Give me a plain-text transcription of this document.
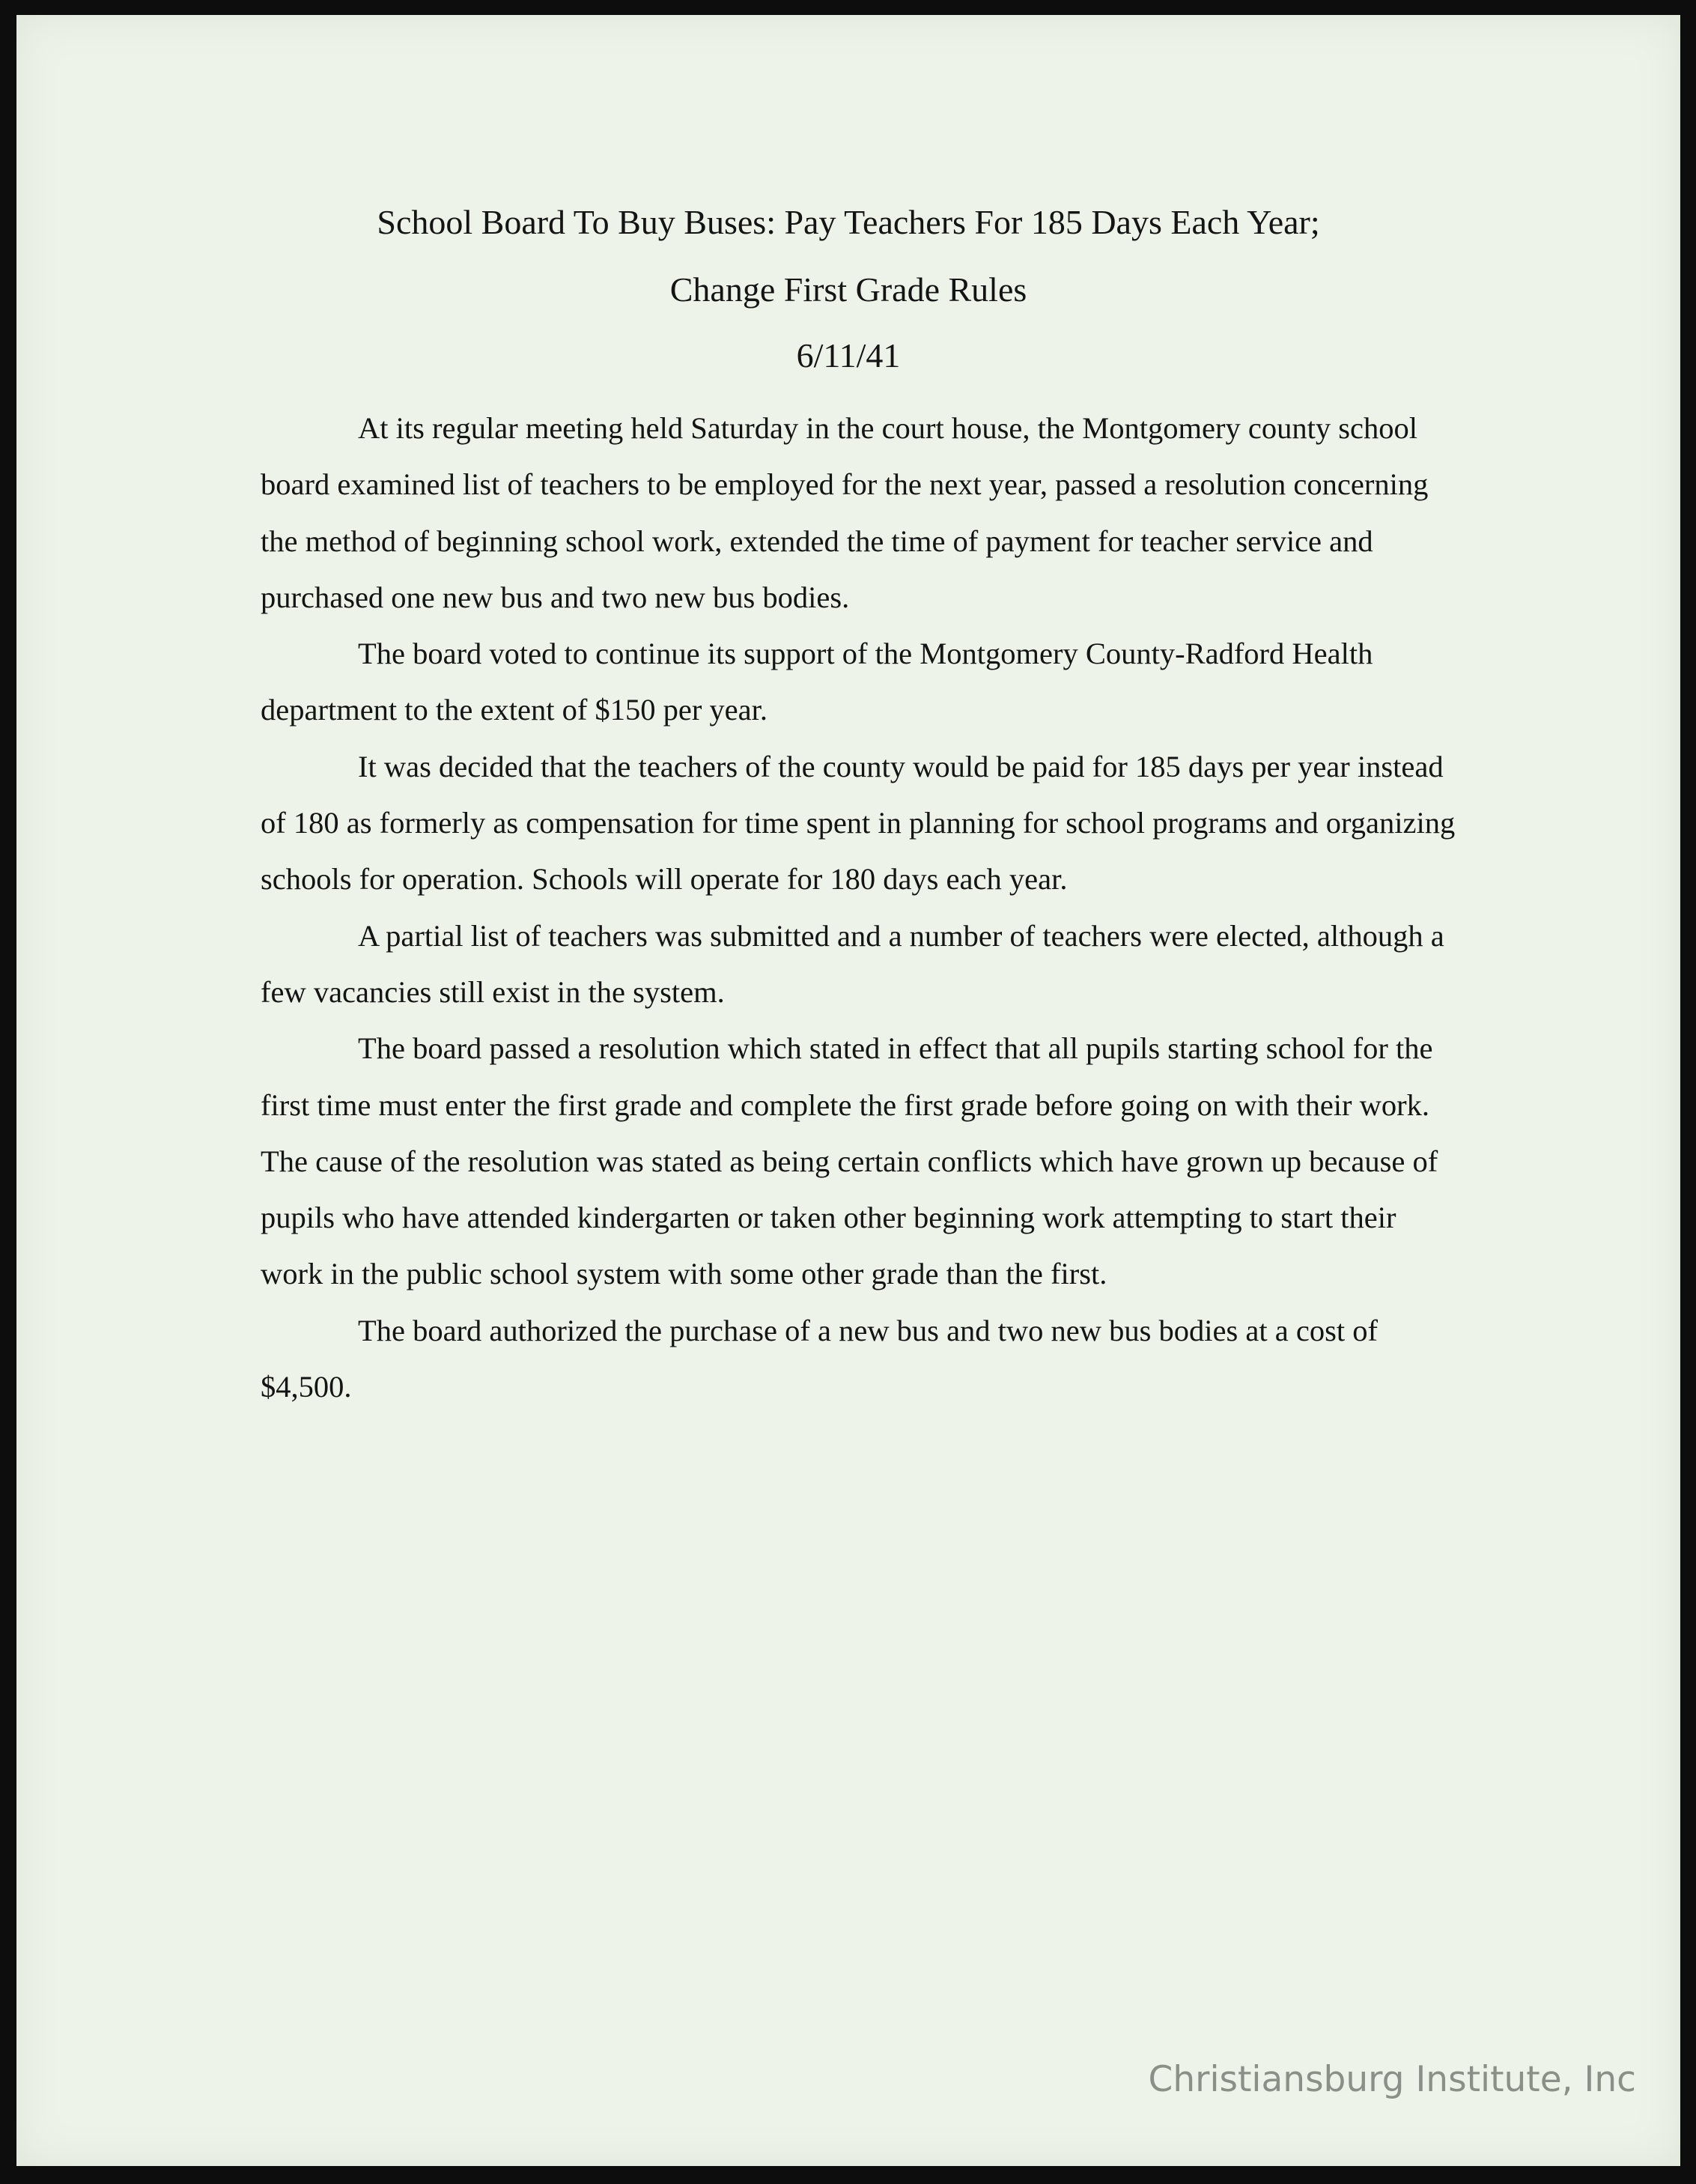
School Board To Buy Buses: Pay Teachers For 185 Days Each Year;
Change First Grade Rules
6/11/41

At its regular meeting held Saturday in the court house, the Montgomery county school board examined list of teachers to be employed for the next year, passed a resolution concerning the method of beginning school work, extended the time of payment for teacher service and purchased one new bus and two new bus bodies.

The board voted to continue its support of the Montgomery County-Radford Health department to the extent of $150 per year.

It was decided that the teachers of the county would be paid for 185 days per year instead of 180 as formerly as compensation for time spent in planning for school programs and organizing schools for operation. Schools will operate for 180 days each year.

A partial list of teachers was submitted and a number of teachers were elected, although a few vacancies still exist in the system.

The board passed a resolution which stated in effect that all pupils starting school for the first time must enter the first grade and complete the first grade before going on with their work. The cause of the resolution was stated as being certain conflicts which have grown up because of pupils who have attended kindergarten or taken other beginning work attempting to start their work in the public school system with some other grade than the first.

The board authorized the purchase of a new bus and two new bus bodies at a cost of $4,500.

Christiansburg Institute, Inc
